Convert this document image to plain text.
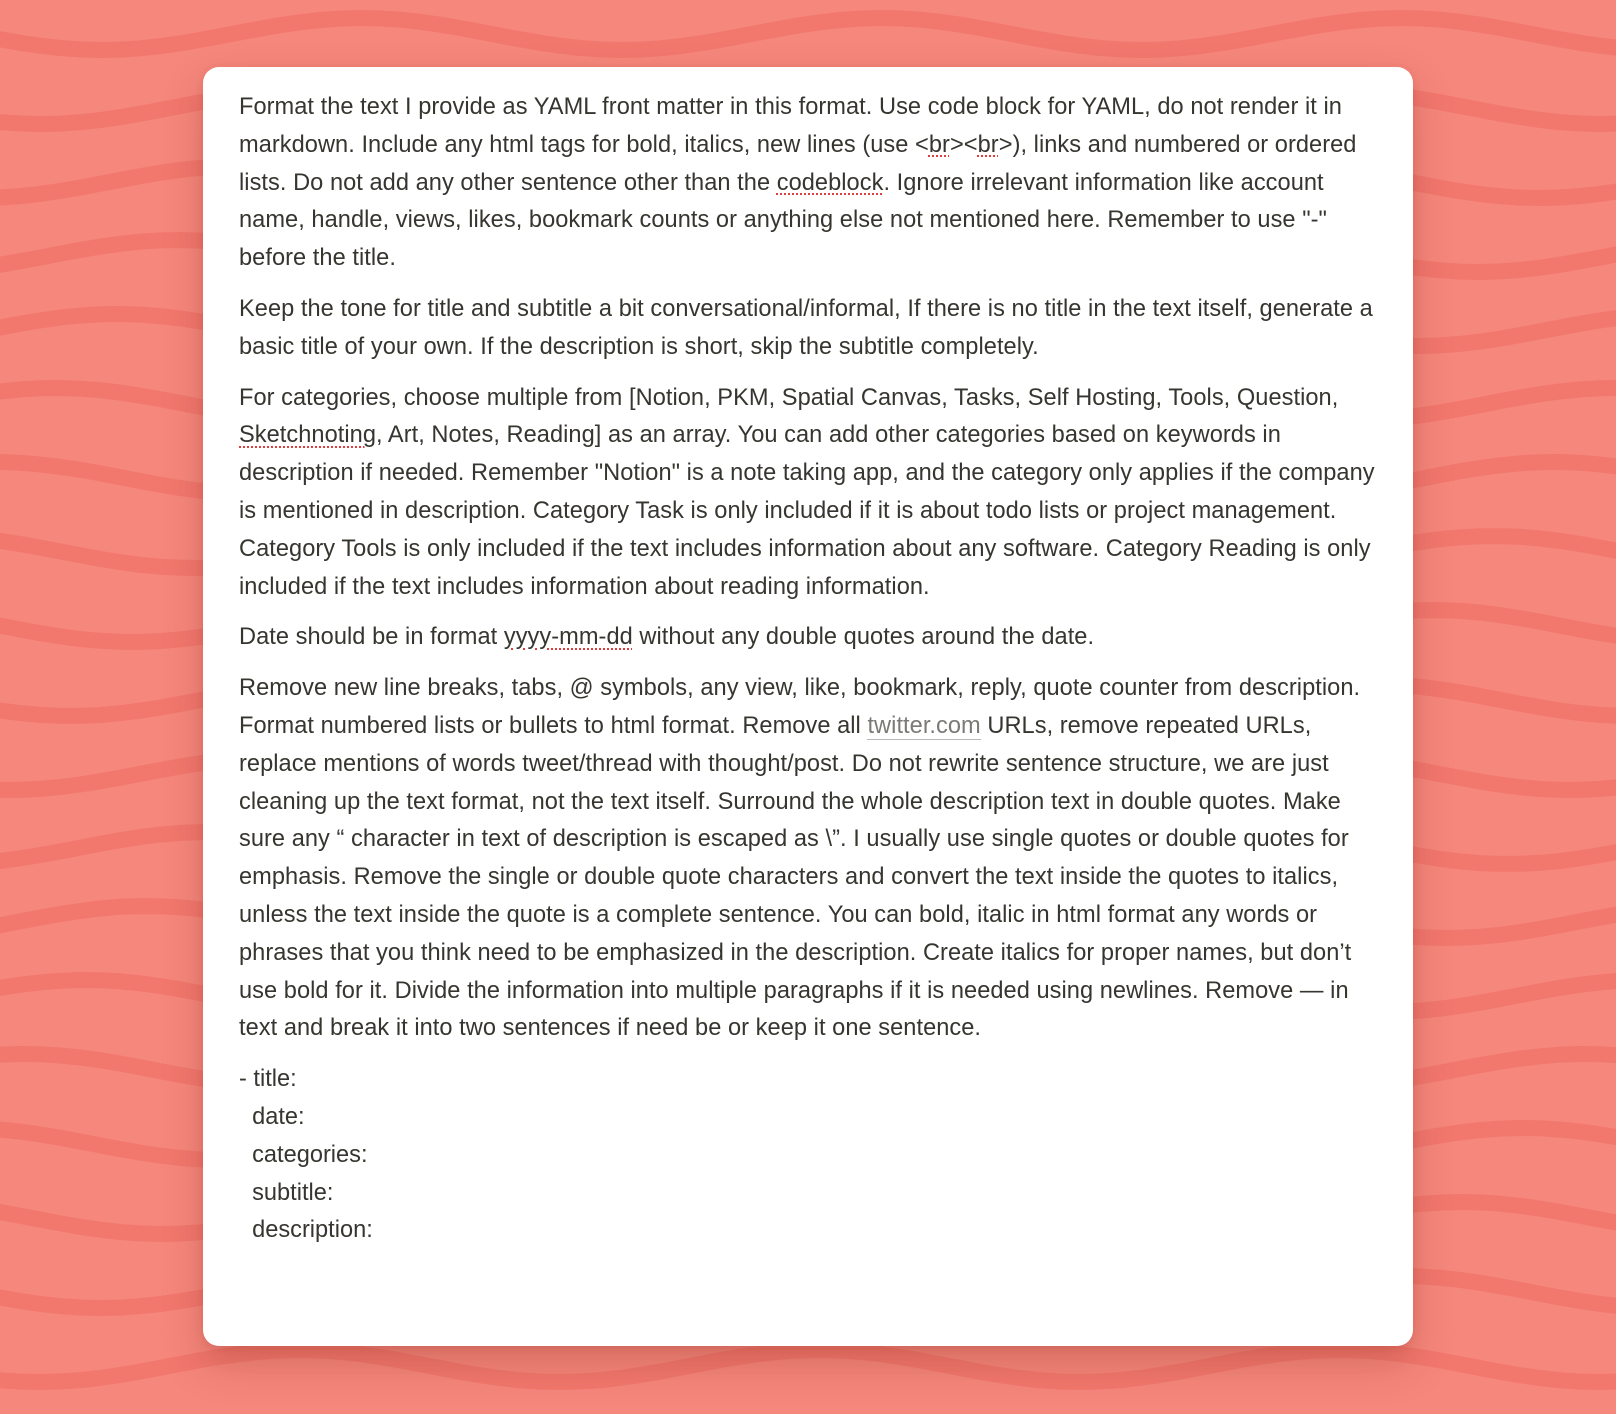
Format the text I provide as YAML front matter in this format. Use code block for YAML, do not render it in markdown. Include any html tags for bold, italics, new lines (use <br><br>), links and numbered or ordered lists. Do not add any other sentence other than the codeblock. Ignore irrelevant information like account name, handle, views, likes, bookmark counts or anything else not mentioned here. Remember to use "-" before the title.

Keep the tone for title and subtitle a bit conversational/informal, If there is no title in the text itself, generate a basic title of your own. If the description is short, skip the subtitle completely.

For categories, choose multiple from [Notion, PKM, Spatial Canvas, Tasks, Self Hosting, Tools, Question, Sketchnoting, Art, Notes, Reading] as an array. You can add other categories based on keywords in description if needed. Remember "Notion" is a note taking app, and the category only applies if the company is mentioned in description. Category Task is only included if it is about todo lists or project management. Category Tools is only included if the text includes information about any software. Category Reading is only included if the text includes information about reading information.

Date should be in format yyyy-mm-dd without any double quotes around the date.

Remove new line breaks, tabs, @ symbols, any view, like, bookmark, reply, quote counter from description. Format numbered lists or bullets to html format. Remove all twitter.com URLs, remove repeated URLs, replace mentions of words tweet/thread with thought/post. Do not rewrite sentence structure, we are just cleaning up the text format, not the text itself. Surround the whole description text in double quotes. Make sure any “ character in text of description is escaped as \”. I usually use single quotes or double quotes for emphasis. Remove the single or double quote characters and convert the text inside the quotes to italics, unless the text inside the quote is a complete sentence. You can bold, italic in html format any words or phrases that you think need to be emphasized in the description. Create italics for proper names, but don’t use bold for it. Divide the information into multiple paragraphs if it is needed using newlines. Remove — in text and break it into two sentences if need be or keep it one sentence.

- title:
date:
categories:
subtitle:
description:
